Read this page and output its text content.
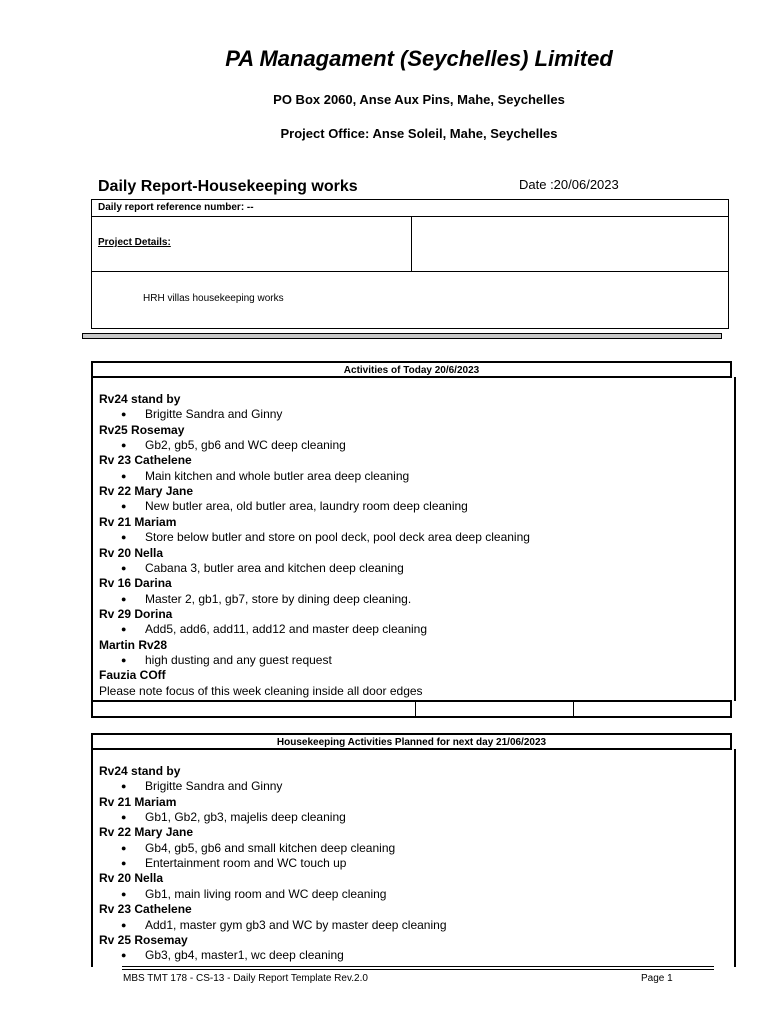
PA Managament (Seychelles) Limited
PO Box 2060, Anse Aux Pins, Mahe, Seychelles
Project Office: Anse Soleil, Mahe, Seychelles
Daily Report-Housekeeping works	Date :20/06/2023
Daily report reference number: --
Project Details:
HRH villas housekeeping works
Activities of Today 20/6/2023
Rv24 stand by
● Brigitte Sandra and Ginny
Rv25 Rosemay
● Gb2, gb5, gb6 and WC deep cleaning
Rv 23 Cathelene
● Main kitchen and whole butler area deep cleaning
Rv 22 Mary Jane
● New butler area, old butler area, laundry room deep cleaning
Rv 21 Mariam
● Store below butler and store on pool deck, pool deck area deep cleaning
Rv 20 Nella
● Cabana 3, butler area and kitchen deep cleaning
Rv 16 Darina
● Master 2, gb1, gb7, store by dining deep cleaning.
Rv 29 Dorina
● Add5, add6, add11, add12 and master deep cleaning
Martin Rv28
● high dusting and any guest request
Fauzia COff
Please note focus of this week cleaning inside all door edges
Housekeeping Activities Planned for next day 21/06/2023
Rv24 stand by
● Brigitte Sandra and Ginny
Rv 21 Mariam
● Gb1, Gb2, gb3, majelis deep cleaning
Rv 22 Mary Jane
● Gb4, gb5, gb6 and small kitchen deep cleaning
● Entertainment room and WC touch up
Rv 20 Nella
● Gb1, main living room and WC deep cleaning
Rv 23 Cathelene
● Add1, master gym gb3 and WC by master deep cleaning
Rv 25 Rosemay
● Gb3, gb4, master1, wc deep cleaning
MBS TMT 178 - CS-13 - Daily Report Template Rev.2.0	Page 1
